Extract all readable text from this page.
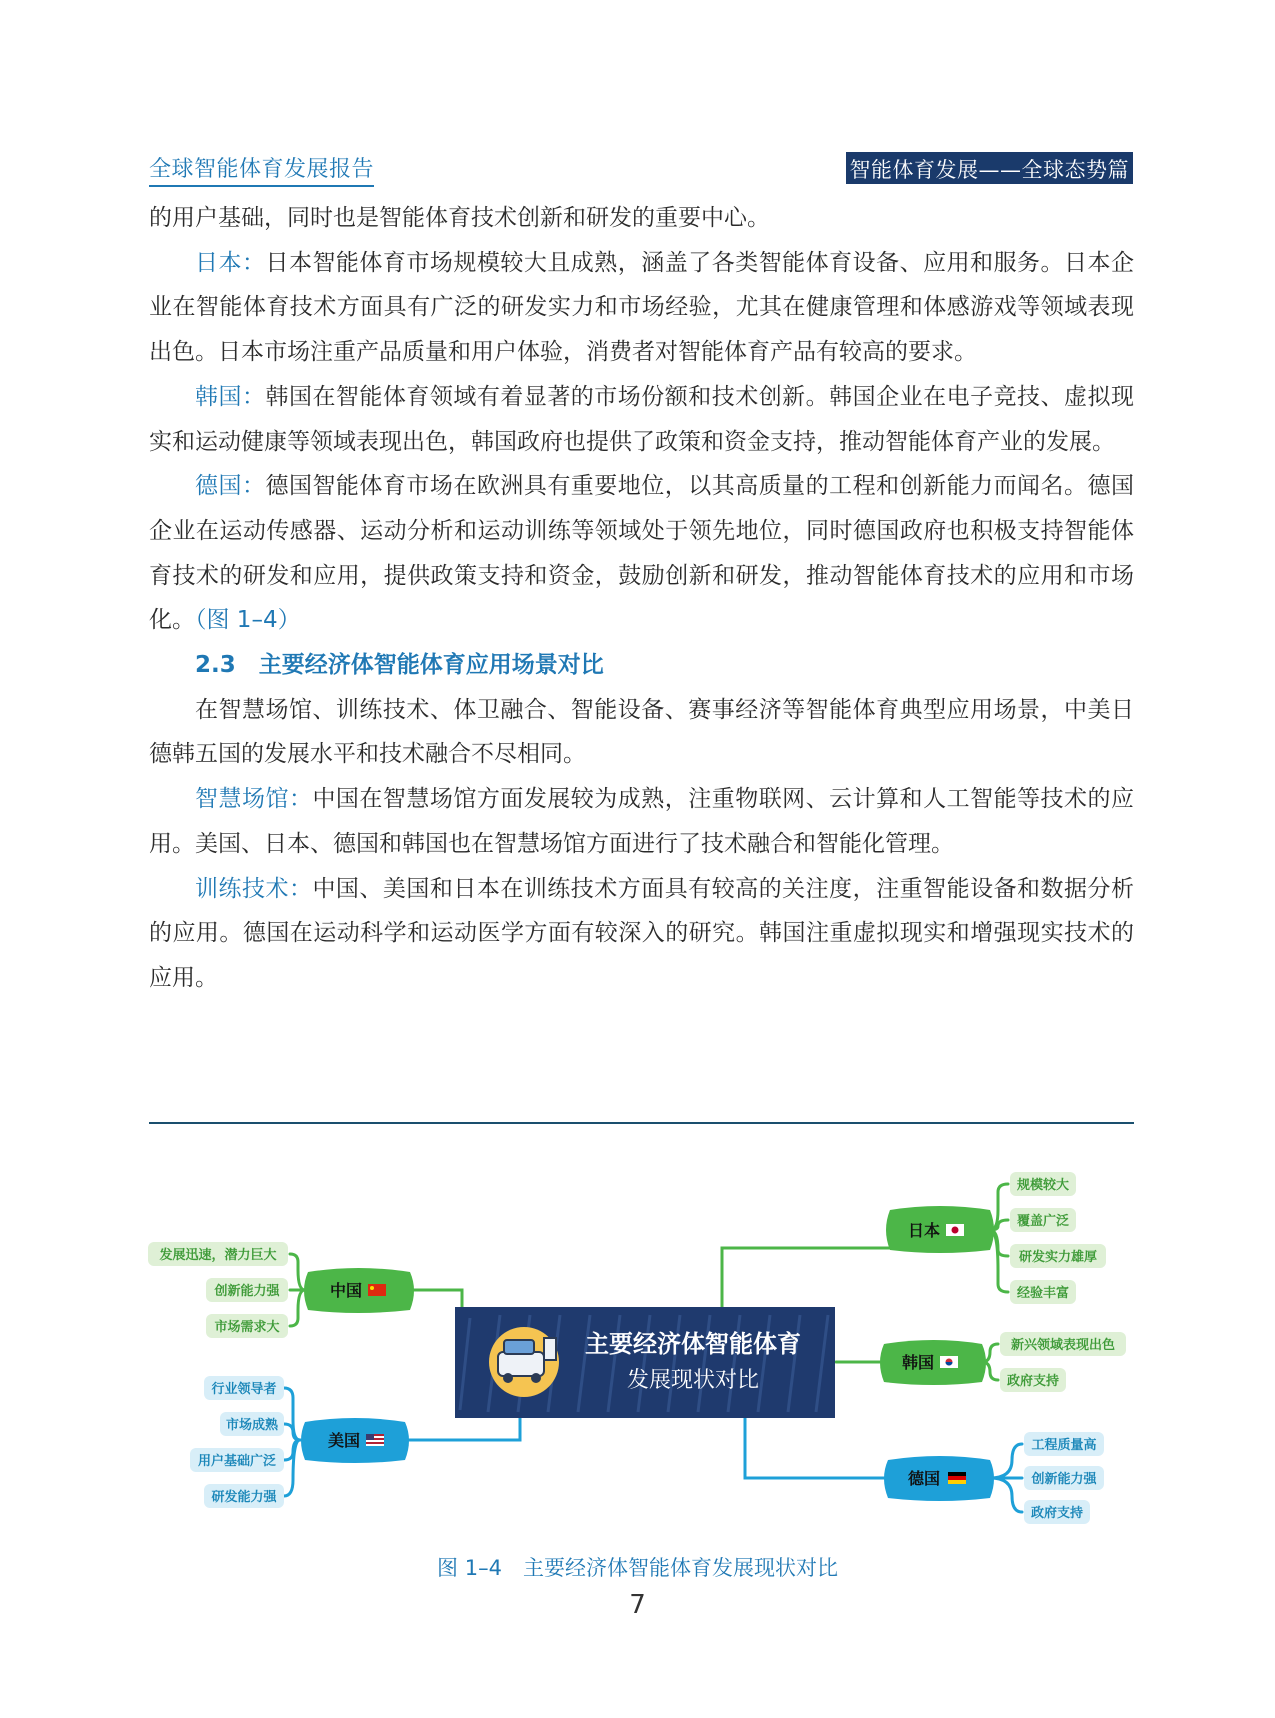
全球智能体育发展报告	智能体育发展——全球态势篇

的用户基础，同时也是智能体育技术创新和研发的重要中心。

日本：日本智能体育市场规模较大且成熟，涵盖了各类智能体育设备、应用和服务。日本企业在智能体育技术方面具有广泛的研发实力和市场经验，尤其在健康管理和体感游戏等领域表现出色。日本市场注重产品质量和用户体验，消费者对智能体育产品有较高的要求。

韩国：韩国在智能体育领域有着显著的市场份额和技术创新。韩国企业在电子竞技、虚拟现实和运动健康等领域表现出色，韩国政府也提供了政策和资金支持，推动智能体育产业的发展。

德国：德国智能体育市场在欧洲具有重要地位，以其高质量的工程和创新能力而闻名。德国企业在运动传感器、运动分析和运动训练等领域处于领先地位，同时德国政府也积极支持智能体育技术的研发和应用，提供政策支持和资金，鼓励创新和研发，推动智能体育技术的应用和市场化。（图 1–4）

2.3　主要经济体智能体育应用场景对比

在智慧场馆、训练技术、体卫融合、智能设备、赛事经济等智能体育典型应用场景，中美日德韩五国的发展水平和技术融合不尽相同。

智慧场馆：中国在智慧场馆方面发展较为成熟，注重物联网、云计算和人工智能等技术的应用。美国、日本、德国和韩国也在智慧场馆方面进行了技术融合和智能化管理。

训练技术：中国、美国和日本在训练技术方面具有较高的关注度，注重智能设备和数据分析的应用。德国在运动科学和运动医学方面有较深入的研究。韩国注重虚拟现实和增强现实技术的应用。

主要经济体智能体育
发展现状对比
中国
发展迅速，潜力巨大
创新能力强
市场需求大
美国
行业领导者
市场成熟
用户基础广泛
研发能力强
日本
规模较大
覆盖广泛
研发实力雄厚
经验丰富
韩国
新兴领域表现出色
政府支持
德国
工程质量高
创新能力强
政府支持
图 1–4　主要经济体智能体育发展现状对比
7
